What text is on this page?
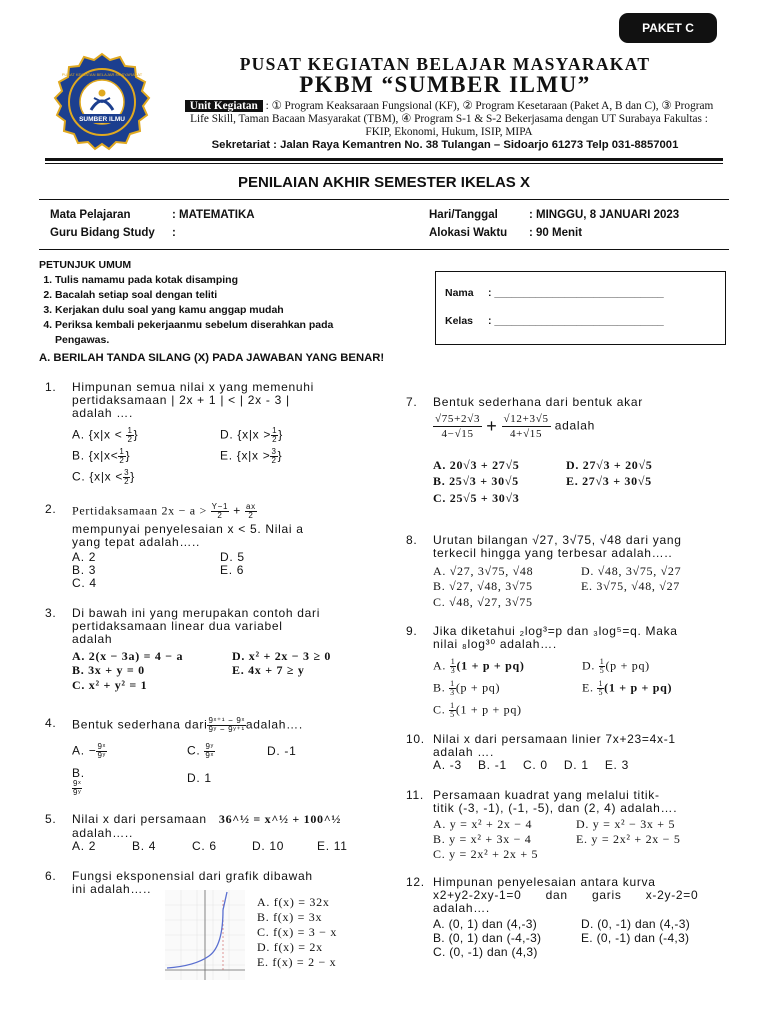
PAKET C
SUMBER ILMU
PUSAT KEGIATAN BELAJAR MASYARAKAT
PUSAT KEGIATAN BELAJAR MASYARAKAT
PKBM “SUMBER ILMU”
Unit Kegiatan : ① Program Keaksaraan Fungsional (KF), ② Program Kesetaraan (Paket A, B dan C), ③ Program Life Skill, Taman Bacaan Masyarakat (TBM), ④ Program S-1 & S-2 Bekerjasama dengan UT Surabaya Fakultas : FKIP, Ekonomi, Hukum, ISIP, MIPA
Sekretariat : Jalan Raya Kemantren No. 38 Tulangan – Sidoarjo 61273 Telp 031-8857001
PENILAIAN AKHIR SEMESTER IKELAS X
Mata Pelajaran	: MATEMATIKA
Guru Bidang Study :
Hari/Tanggal	: MINGGU, 8 JANUARI 2023
Alokasi Waktu : 90 Menit
PETUNJUK UMUM
1. Tulis namamu pada kotak disamping
2. Bacalah setiap soal dengan teliti
3. Kerjakan dulu soal yang kamu anggap mudah
4. Periksa kembali pekerjaanmu sebelum diserahkan pada Pengawas.
Nama : _____________________________
Kelas : _____________________________
A. BERILAH TANDA SILANG (X) PADA JAWABAN YANG BENAR!
1. Himpunan semua nilai x yang memenuhi
pertidaksamaan | 2x + 1 | < | 2x - 3 |
adalah ….
A. {$x|x < \frac{1}{2}$ }
B. {$x|x< \frac{1}{2}$ }
C. {$x|x < \frac{3}{2}$ }
D. {$x|x > \frac{1}{2}$ }
E. {$x|x > \frac{3}{2}$ }
2. Pertidaksamaan $2x - a > \frac{Y-1}{2} + \frac{ax}{2}$
mempunyai penyelesaian x < 5. Nilai a
yang tepat adalah…..
A. 2
B. 3
C. 4
D. 5
E. 6
3. Di bawah ini yang merupakan contoh dari
pertidaksamaan linear dua variabel
adalah
A. 2(x − 3a) = 4 − a
B. 3x + y = 0
C. x² + y² = 1
D. x² + 2x − 3 ≥ 0
E. 4x + 7 ≥ y
4. Bentuk sederhana dari $\frac{\text{9ˣ⁺¹ − 9ˣ}}{\text{9ʸ − 9ʸ⁺¹}}$ adalah….
A. − $\frac{\text{9ˣ}}{\text{9ʸ}}$
B.

$\frac{\text{9ˣ}}{\text{9ʸ}}$
C. $\frac{\text{9ʸ}}{\text{9ˣ}}$	D. -1
D. 1
5. Nilai x dari persamaan 36^½ = x^½ + 100^½
adalah…..
A. 2	B. 4	C. 6	D. 10	E. 11
6. Fungsi eksponensial dari grafik dibawah
ini adalah…..
A. f(x) = 32x
B. f(x) = 3x
C. f(x) = 3 − x
D. f(x) = 2x
E. f(x) = 2 − x
7. Bentuk sederhana dari bentuk akar
$\frac{√75+2√3}{4-√15} + \frac{√12+3√5}{4+√15}$ adalah
A. 20√3 + 27√5
B. 25√3 + 30√5
C. 25√5 + 30√3
D. 27√3 + 20√5
E. 27√3 + 30√5
8. Urutan bilangan √27, 3√75, √48 dari yang
terkecil hingga yang terbesar adalah…..
A. √27, 3√75, √48
B. √27, √48, 3√75
C. √48, √27, 3√75
D. √48, 3√75, √27
E. 3√75, √48, √27
9. Jika diketahui ₂log³=p dan ₃log⁵=q. Maka
nilai ₈log³⁰ adalah….
A. $\frac{1}{3} (1 + p + pq)$
B. $\frac{1}{3} (p + pq)$
C. $\frac{1}{5} (1 + p + pq)$
D. $\frac{1}{5} (p + pq)$
E. $\frac{1}{5} (1 + p + pq)$
10. Nilai x dari persamaan linier 7x+23=4x-1
adalah ….
A. -3    B. -1    C. 0    D. 1    E. 3
11. Persamaan kuadrat yang melalui titik-
titik (-3, -1), (-1, -5), dan (2, 4) adalah….
A. y = x² + 2x − 4
B. y = x² + 3x − 4
C. y = 2x² + 2x + 5
D. y = x² − 3x + 5
E. y = 2x² + 2x − 5
12. Himpunan penyelesaian antara kurva
x2+y2-2xy-1=0      dan      garis      x-2y-2=0
adalah….
A. (0, 1) dan (4,-3)
B. (0, 1) dan (-4,-3)
C. (0, -1) dan (4,3)
D. (0, -1) dan (4,-3)
E. (0, -1) dan (-4,3)
